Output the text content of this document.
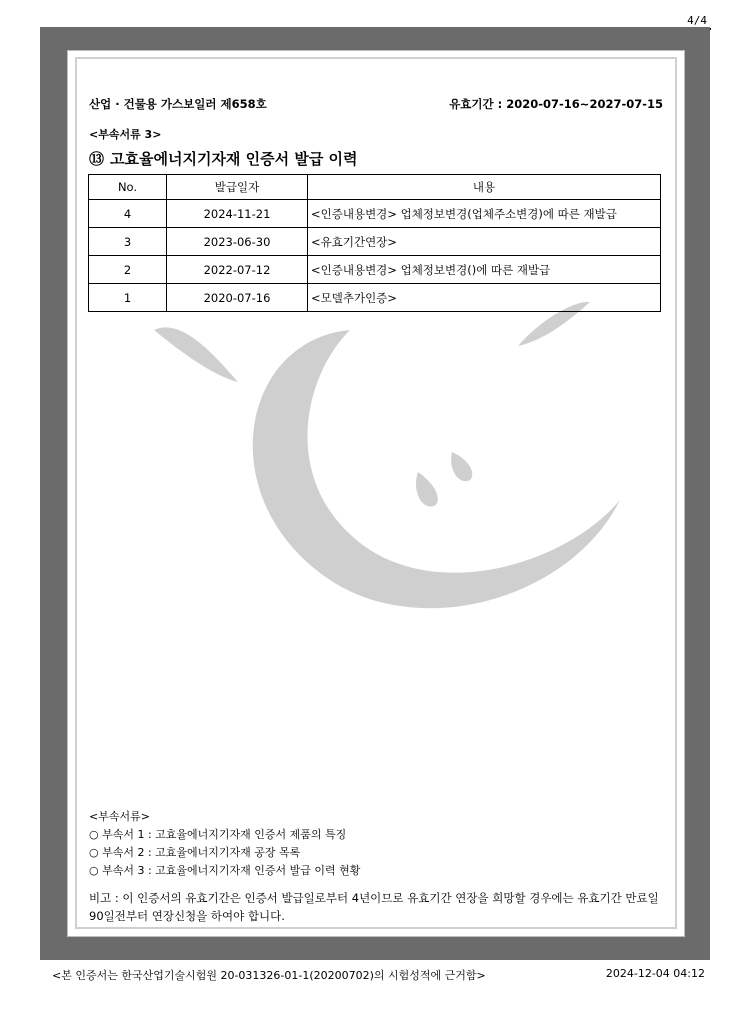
4/4
산업 · 건물용 가스보일러 제658호	유효기간 : 2020-07-16~2027-07-15
<부속서류 3>
⑬ 고효율에너지기자재 인증서 발급 이력
No.	발급일자	내용
4	2024-11-21	<인증내용변경> 업체정보변경(업체주소변경)에 따른 재발급
3	2023-06-30	<유효기간연장>
2	2022-07-12	<인증내용변경> 업체정보변경()에 따른 재발급
1	2020-07-16	<모델추가인증>
<부속서류>
○ 부속서 1 : 고효율에너지기자재 인증서 제품의 특징
○ 부속서 2 : 고효율에너지기자재 공장 목록
○ 부속서 3 : 고효율에너지기자재 인증서 발급 이력 현황
비고 : 이 인증서의 유효기간은 인증서 발급일로부터 4년이므로 유효기간 연장을 희망할 경우에는 유효기간 만료일 90일전부터 연장신청을 하여야 합니다.
<본 인증서는 한국산업기술시험원 20-031326-01-1(20200702)의 시험성적에 근거함>	2024-12-04 04:12
